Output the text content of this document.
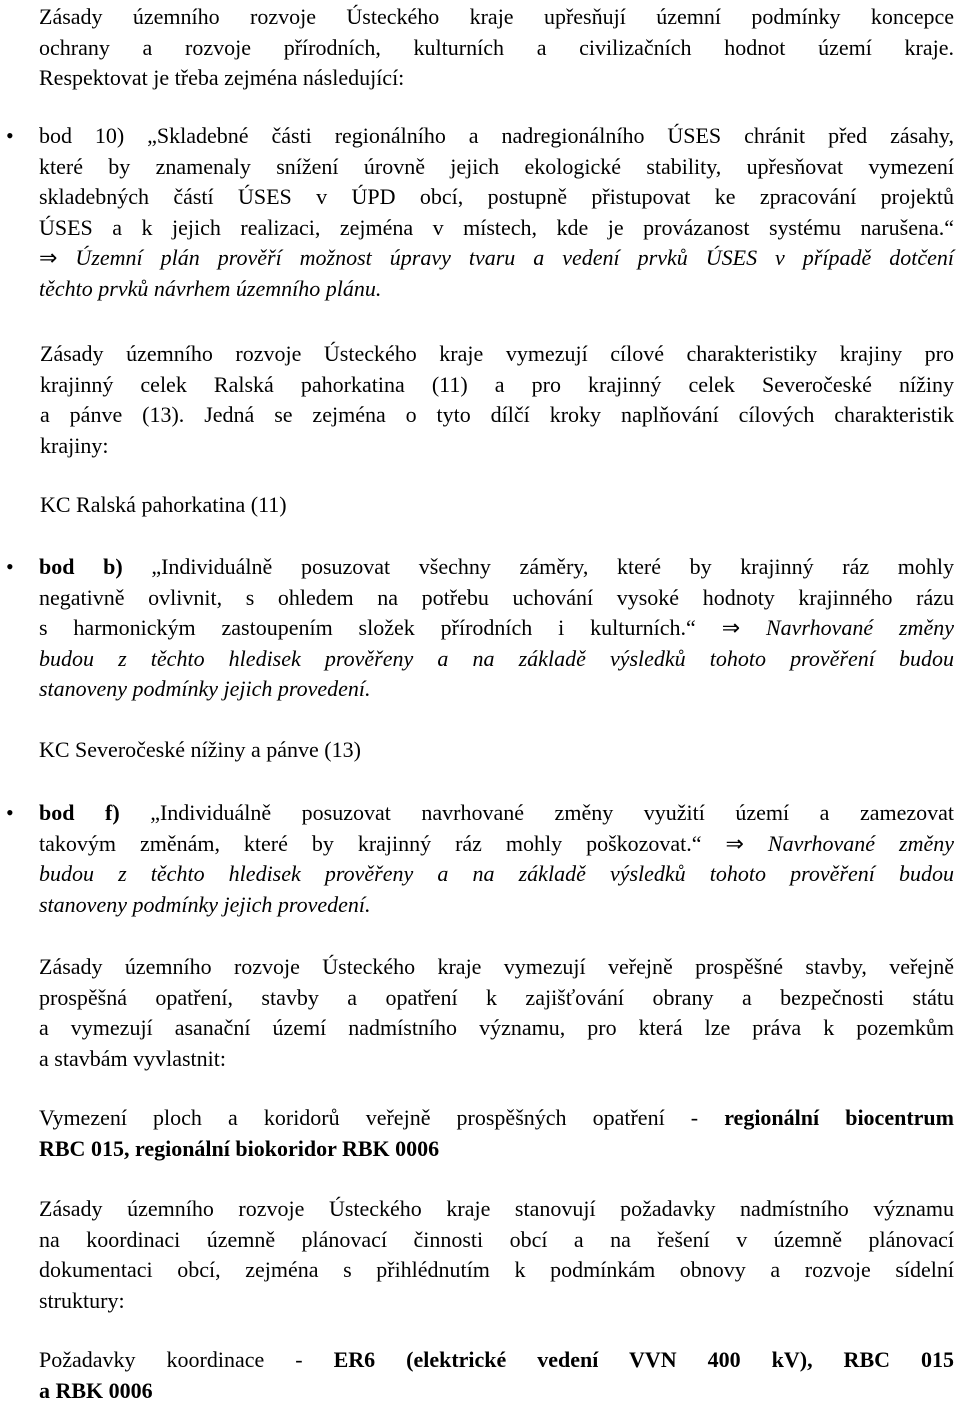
Zásady územního rozvoje Ústeckého kraje upřesňují územní podmínky koncepce
ochrany a rozvoje přírodních, kulturních a civilizačních hodnot území kraje.
Respektovat je třeba zejména následující:
• bod 10) „Skladebné části regionálního a nadregionálního ÚSES chránit před zásahy,
které by znamenaly snížení úrovně jejich ekologické stability, upřesňovat vymezení
skladebných částí ÚSES v ÚPD obcí, postupně přistupovat ke zpracování projektů
ÚSES a k jejich realizaci, zejména v místech, kde je provázanost systému narušena.“
⇒ Územní plán prověří možnost úpravy tvaru a vedení prvků ÚSES v případě dotčení
těchto prvků návrhem územního plánu.
Zásady územního rozvoje Ústeckého kraje vymezují cílové charakteristiky krajiny pro
krajinný celek Ralská pahorkatina (11) a pro krajinný celek Severočeské nížiny
a pánve (13). Jedná se zejména o tyto dílčí kroky naplňování cílových charakteristik
krajiny:
KC Ralská pahorkatina (11)
• bod b) „Individuálně posuzovat všechny záměry, které by krajinný ráz mohly
negativně ovlivnit, s ohledem na potřebu uchování vysoké hodnoty krajinného rázu
s harmonickým zastoupením složek přírodních i kulturních.“ ⇒ Navrhované změny
budou z těchto hledisek prověřeny a na základě výsledků tohoto prověření budou
stanoveny podmínky jejich provedení.
KC Severočeské nížiny a pánve (13)
• bod f) „Individuálně posuzovat navrhované změny využití území a zamezovat
takovým změnám, které by krajinný ráz mohly poškozovat.“ ⇒ Navrhované změny
budou z těchto hledisek prověřeny a na základě výsledků tohoto prověření budou
stanoveny podmínky jejich provedení.
Zásady územního rozvoje Ústeckého kraje vymezují veřejně prospěšné stavby, veřejně
prospěšná opatření, stavby a opatření k zajišťování obrany a bezpečnosti státu
a vymezují asanační území nadmístního významu, pro která lze práva k pozemkům
a stavbám vyvlastnit:
Vymezení ploch a koridorů veřejně prospěšných opatření - regionální biocentrum
RBC 015, regionální biokoridor RBK 0006
Zásady územního rozvoje Ústeckého kraje stanovují požadavky nadmístního významu
na koordinaci územně plánovací činnosti obcí a na řešení v územně plánovací
dokumentaci obcí, zejména s přihlédnutím k podmínkám obnovy a rozvoje sídelní
struktury:
Požadavky koordinace - ER6 (elektrické vedení VVN 400 kV), RBC 015
a RBK 0006
